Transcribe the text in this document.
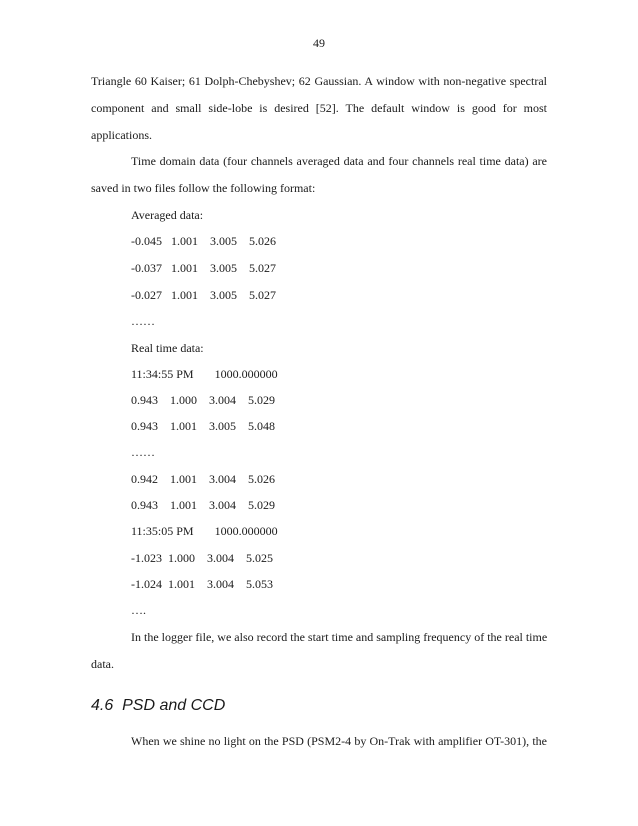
49
Triangle 60 Kaiser; 61 Dolph-Chebyshev; 62 Gaussian. A window with non-negative spectral
component and small side-lobe is desired [52]. The default window is good for most
applications.
Time domain data (four channels averaged data and four channels real time data) are
saved in two files follow the following format:
Averaged data:
-0.045   1.001    3.005    5.026
-0.037   1.001    3.005    5.027
-0.027   1.001    3.005    5.027
……
Real time data:
11:34:55 PM       1000.000000
0.943    1.000    3.004    5.029
0.943    1.001    3.005    5.048
……
0.942    1.001    3.004    5.026
0.943    1.001    3.004    5.029
11:35:05 PM       1000.000000
-1.023  1.000    3.004    5.025
-1.024  1.001    3.004    5.053
….
In the logger file, we also record the start time and sampling frequency of the real time
data.
4.6  PSD and CCD
When we shine no light on the PSD (PSM2-4 by On-Trak with amplifier OT-301), the
